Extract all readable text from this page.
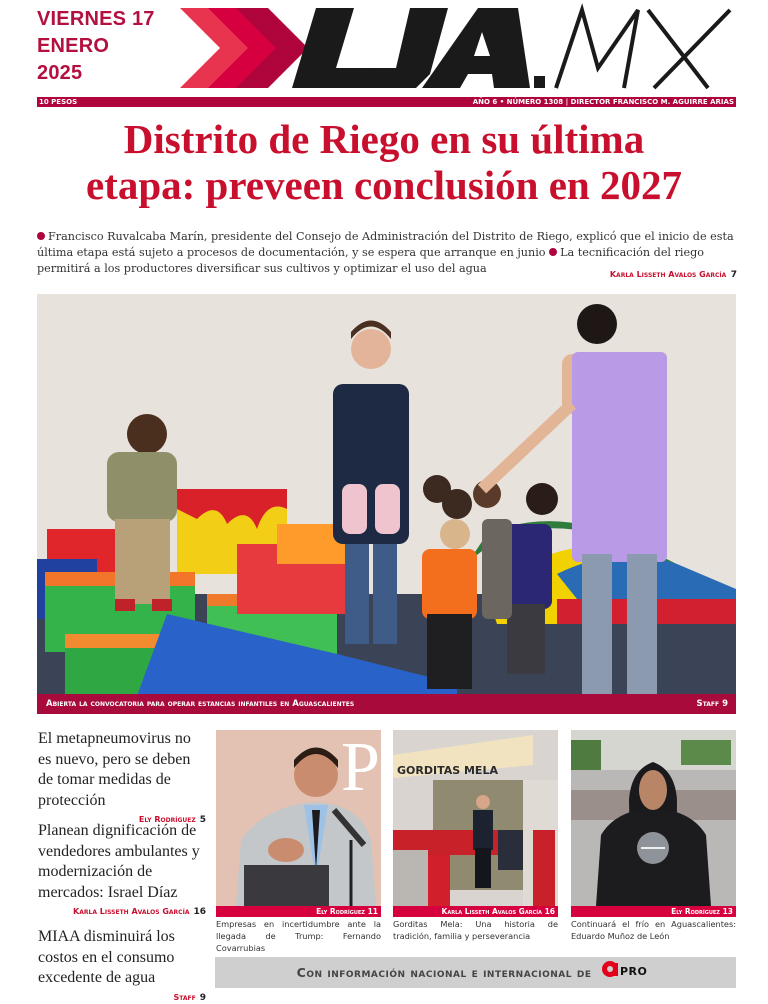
VIERNES 17
ENERO
2025
10 PESOS	AÑO 6 • NÚMERO 1308 | DIRECTOR FRANCISCO M. AGUIRRE ARIAS
Distrito de Riego en su última
etapa: preveen conclusión en 2027
Francisco Ruvalcaba Marín, presidente del Consejo de Administración del Distrito de Riego, explicó que el inicio de esta última etapa está sujeto a procesos de documentación, y se espera que arranque en junio La tecnificación del riego permitirá a los productores diversificar sus cultivos y optimizar el uso del agua	Karla Lisseth Avalos García 7
Abierta la convocatoria para operar estancias infantiles en Aguascalientes	Staff 9
El metapneumovirus no es nuevo, pero se deben de tomar medidas de protección
Ely Rodríguez 5
Planean dignificación de vendedores ambulantes y modernización de mercados: Israel Díaz
Karla Lisseth Avalos García 16
MIAA disminuirá los costos en el consumo excedente de agua
Staff 9
P
Ely Rodríguez 11
Empresas en incertidumbre ante la llegada de Trump: Fernando Covarrubias
GORDITAS MELA
Karla Lisseth Avalos García 16
Gorditas Mela: Una historia de tradición, familia y perseverancia
Ely Rodríguez 13
Continuará el frío en Aguascalientes: Eduardo Muñoz de León
Con información nacional e internacional de pro
